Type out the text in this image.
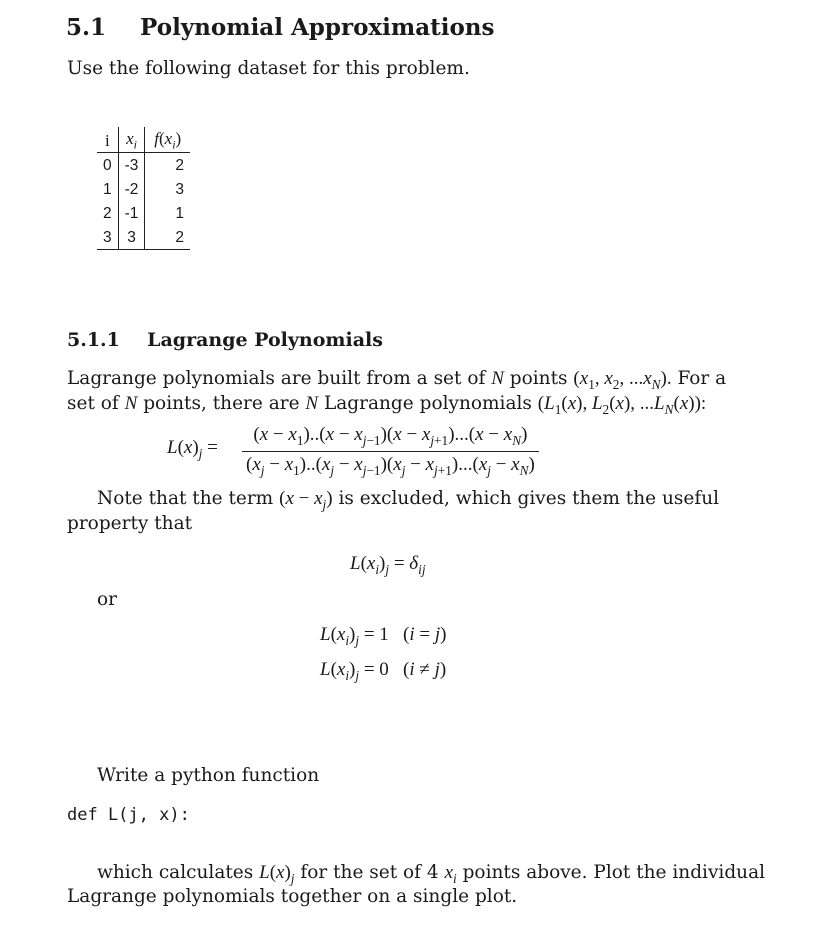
5.1 Polynomial Approximations
Use the following dataset for this problem.
i	$x_i$	$f(x_i)$
0	-3	2
1	-2	3
2	-1	1
3	3	2
5.1.1 Lagrange Polynomials
Lagrange polynomials are built from a set of N points ($x_1$, $x_2$, $...x_N$). For a
set of N points, there are N Lagrange polynomials ($L_1(x)$, $L_2(x)$, $...L_N(x)$):
$L(x)_j$ =
$(x - x_1)..(x - x_{j-1})(x - x_{j+1})...(x - x_N)$
$(x_j - x_1)..(x_j - x_{j-1})(x_j - x_{j+1})...(x_j - x_N)$
Note that the term $(x - x_j)$ is excluded, which gives them the useful
property that
$L(x_i)_j = \delta_{ij}$
or
$L(x_i)_j = 1$   (i = j)
$L(x_i)_j = 0$   (i ≠ j)
Write a python function
def L(j, x):
which calculates $L(x)_j$ for the set of 4 $x_i$ points above. Plot the individual
Lagrange polynomials together on a single plot.
